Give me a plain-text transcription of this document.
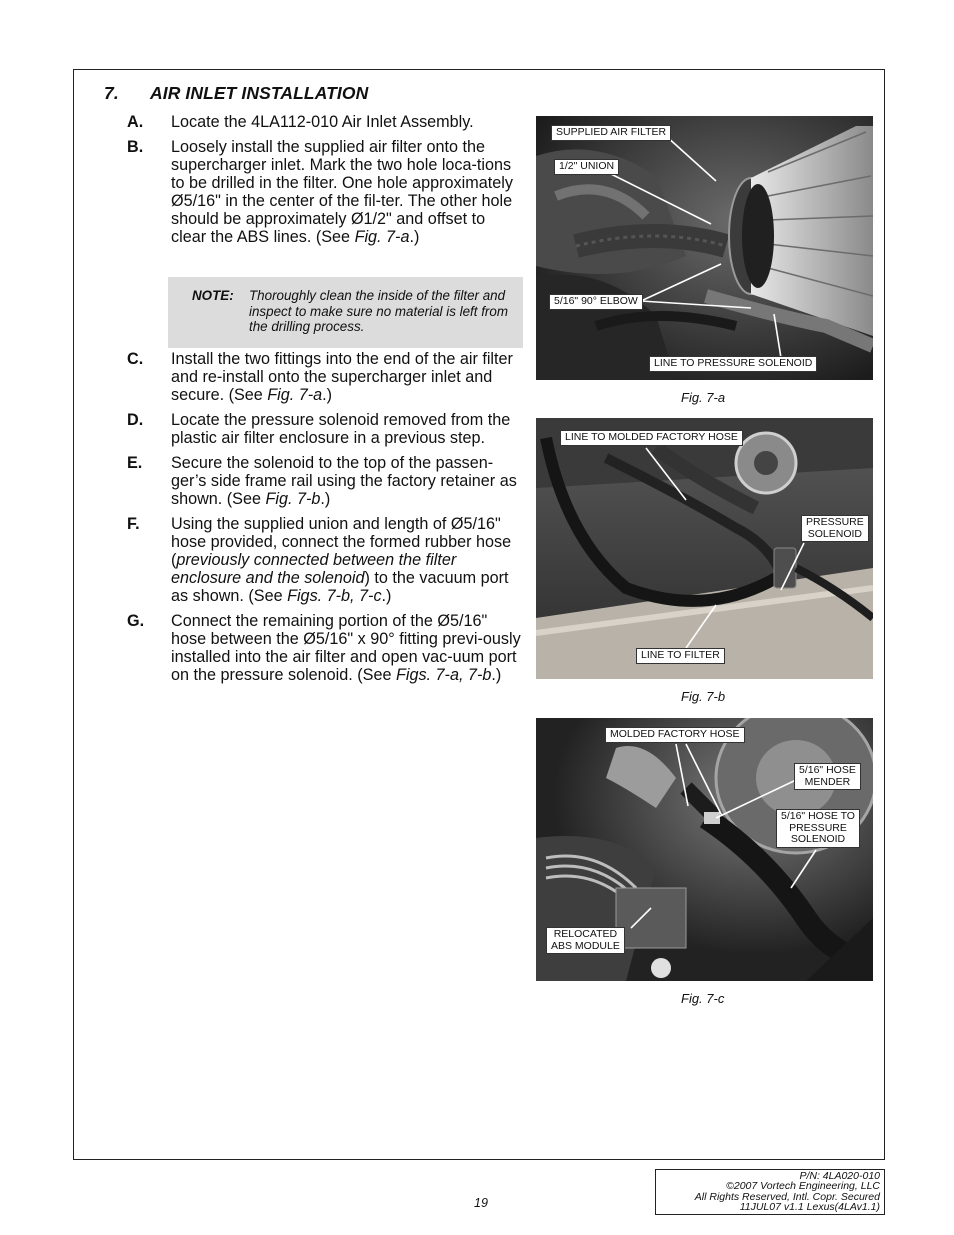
7. AIR INLET INSTALLATION
A. Locate the 4LA112-010 Air Inlet Assembly.
B. Loosely install the supplied air filter onto the supercharger inlet. Mark the two hole loca-tions to be drilled in the filter. One hole approximately Ø5/16" in the center of the fil-ter. The other hole should be approximately Ø1/2" and offset to clear the ABS lines. (See Fig. 7-a.)
C. Install the two fittings into the end of the air filter and re-install onto the supercharger inlet and secure. (See Fig. 7-a.)
D. Locate the pressure solenoid removed from the plastic air filter enclosure in a previous step.
E. Secure the solenoid to the top of the passen-ger’s side frame rail using the factory retainer as shown. (See Fig. 7-b.)
F. Using the supplied union and length of Ø5/16" hose provided, connect the formed rubber hose (previously connected between the filter enclosure and the solenoid) to the vacuum port as shown. (See Figs. 7-b, 7-c.)
G. Connect the remaining portion of the Ø5/16" hose between the Ø5/16" x 90° fitting previ-ously installed into the air filter and open vac-uum port on the pressure solenoid. (See Figs. 7-a, 7-b.)
NOTE: Thoroughly clean the inside of the filter and inspect to make sure no material is left from the drilling process.
SUPPLIED AIR FILTER
1/2" UNION
5/16" 90° ELBOW
LINE TO PRESSURE SOLENOID
Fig. 7-a
LINE TO MOLDED FACTORY HOSE
PRESSURE
SOLENOID
LINE TO FILTER
Fig. 7-b
MOLDED FACTORY HOSE
5/16" HOSE
MENDER
5/16" HOSE TO
PRESSURE
SOLENOID
RELOCATED
ABS MODULE
Fig. 7-c
19
P/N: 4LA020-010
©2007 Vortech Engineering, LLC
All Rights Reserved, Intl. Copr. Secured
11JUL07 v1.1 Lexus(4LAv1.1)
